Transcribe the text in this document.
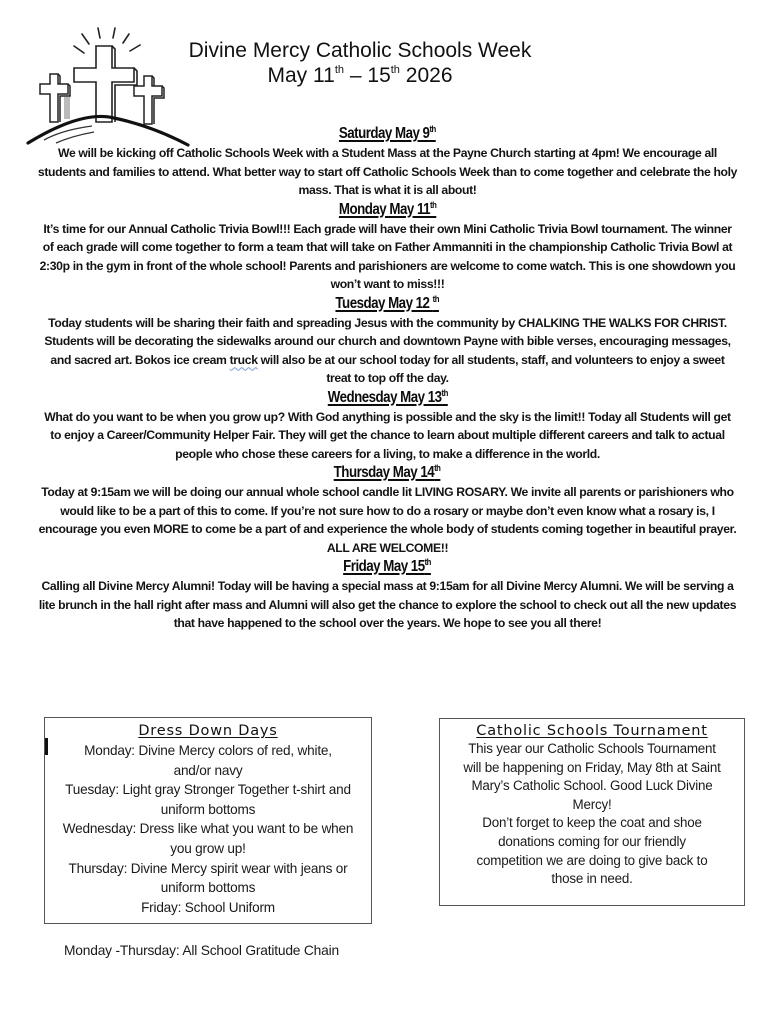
Divine Mercy Catholic Schools Week
May 11th – 15th 2026
Saturday May 9th
We will be kicking off Catholic Schools Week with a Student Mass at the Payne Church starting at 4pm! We encourage all students and families to attend. What better way to start off Catholic Schools Week than to come together and celebrate the holy mass. That is what it is all about!
Monday May 11th
It’s time for our Annual Catholic Trivia Bowl!!! Each grade will have their own Mini Catholic Trivia Bowl tournament. The winner of each grade will come together to form a team that will take on Father Ammanniti in the championship Catholic Trivia Bowl at 2:30p in the gym in front of the whole school! Parents and parishioners are welcome to come watch. This is one showdown you won’t want to miss!!!
Tuesday May 12 $^{th}$
Today students will be sharing their faith and spreading Jesus with the community by CHALKING THE WALKS FOR CHRIST. Students will be decorating the sidewalks around our church and downtown Payne with bible verses, encouraging messages, and sacred art. Bokos ice cream truck will also be at our school today for all students, staff, and volunteers to enjoy a sweet treat to top off the day.
Wednesday May 13th
What do you want to be when you grow up? With God anything is possible and the sky is the limit!! Today all Students will get to enjoy a Career/Community Helper Fair. They will get the chance to learn about multiple different careers and talk to actual people who chose these careers for a living, to make a difference in the world.
Thursday May 14th
Today at 9:15am we will be doing our annual whole school candle lit LIVING ROSARY. We invite all parents or parishioners who would like to be a part of this to come. If you’re not sure how to do a rosary or maybe don’t even know what a rosary is, I encourage you even MORE to come be a part of and experience the whole body of students coming together in beautiful prayer. ALL ARE WELCOME!!
Friday May 15th
Calling all Divine Mercy Alumni! Today will be having a special mass at 9:15am for all Divine Mercy Alumni. We will be serving a lite brunch in the hall right after mass and Alumni will also get the chance to explore the school to check out all the new updates that have happened to the school over the years. We hope to see you all there!
Dress Down Days
Monday: Divine Mercy colors of red, white,
and/or navy
Tuesday: Light gray Stronger Together t-shirt and
uniform bottoms
Wednesday: Dress like what you want to be when
you grow up!
Thursday: Divine Mercy spirit wear with jeans or
uniform bottoms
Friday: School Uniform
Catholic Schools Tournament
This year our Catholic Schools Tournament
will be happening on Friday, May 8th at Saint
Mary’s Catholic School. Good Luck Divine
Mercy!
Don’t forget to keep the coat and shoe
donations coming for our friendly
competition we are doing to give back to
those in need.
Monday -Thursday: All School Gratitude Chain
